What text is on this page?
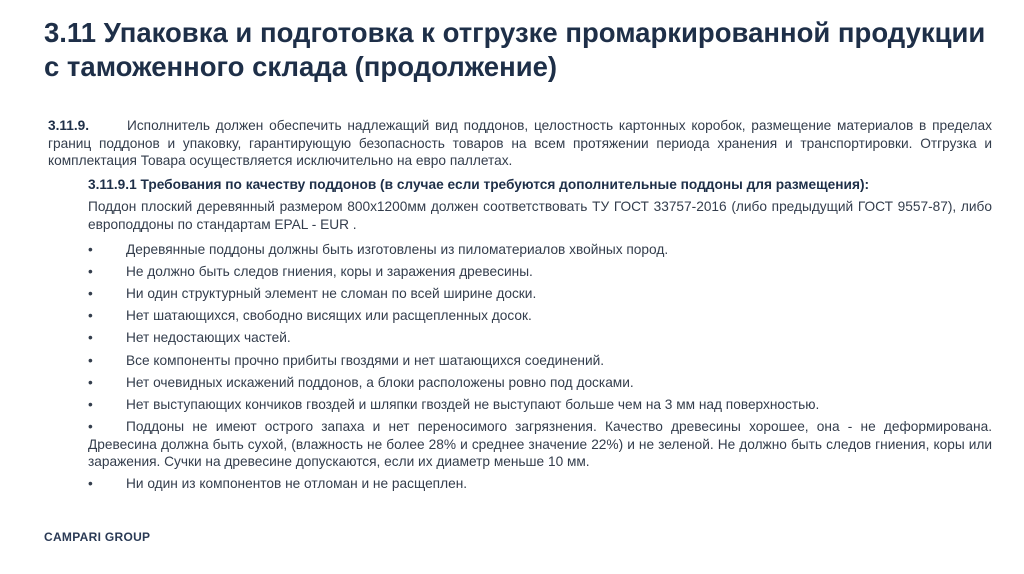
3.11 Упаковка и подготовка к отгрузке промаркированной продукции с таможенного склада (продолжение)

3.11.9.	Исполнитель должен обеспечить надлежащий вид поддонов, целостность картонных коробок, размещение материалов в пределах границ поддонов и упаковку, гарантирующую безопасность товаров на всем протяжении периода хранения и транспортировки. Отгрузка и комплектация Товара осуществляется исключительно на евро паллетах.

3.11.9.1 Требования по качеству поддонов (в случае если требуются дополнительные поддоны для размещения):

Поддон плоский деревянный размером 800x1200мм должен соответствовать ТУ ГОСТ 33757-2016 (либо предыдущий ГОСТ 9557-87), либо европоддоны по стандартам EPAL - EUR .

• Деревянные поддоны должны быть изготовлены из пиломатериалов хвойных пород.
• Не должно быть следов гниения, коры и заражения древесины.
• Ни один структурный элемент не сломан по всей ширине доски.
• Нет шатающихся, свободно висящих или расщепленных досок.
• Нет недостающих частей.
• Все компоненты прочно прибиты гвоздями и нет шатающихся соединений.
• Нет очевидных искажений поддонов, а блоки расположены ровно под досками.
• Нет выступающих кончиков гвоздей и шляпки гвоздей не выступают больше чем на 3 мм над поверхностью.
• Поддоны не имеют острого запаха и нет переносимого загрязнения. Качество древесины хорошее, она - не деформирована. Древесина должна быть сухой, (влажность не более 28% и среднее значение 22%) и не зеленой. Не должно быть следов гниения, коры или заражения. Сучки на древесине допускаются, если их диаметр меньше 10 мм.
• Ни один из компонентов не отломан и не расщеплен.
CAMPARI GROUP
